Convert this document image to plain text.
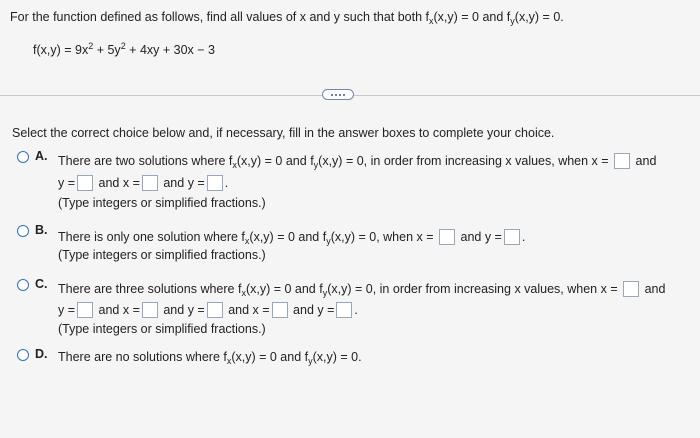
For the function defined as follows, find all values of x and y such that both $f_x(x,y) = 0$ and $f_y(x,y) = 0$.
$f(x,y) = 9x^2 + 5y^2 + 4xy + 30x - 3$
Select the correct choice below and, if necessary, fill in the answer boxes to complete your choice.
A. There are two solutions where $f_x(x,y) = 0$ and $f_y(x,y) = 0$, in order from increasing x values, when x = and
y = and x = and y = .
(Type integers or simplified fractions.)
B. There is only one solution where $f_x(x,y) = 0$ and $f_y(x,y) = 0$, when x = and y = .
(Type integers or simplified fractions.)
C. There are three solutions where $f_x(x,y) = 0$ and $f_y(x,y) = 0$, in order from increasing x values, when x = and
y = and x = and y = and x = and y = .
(Type integers or simplified fractions.)
D. There are no solutions where $f_x(x,y) = 0$ and $f_y(x,y) = 0$.
